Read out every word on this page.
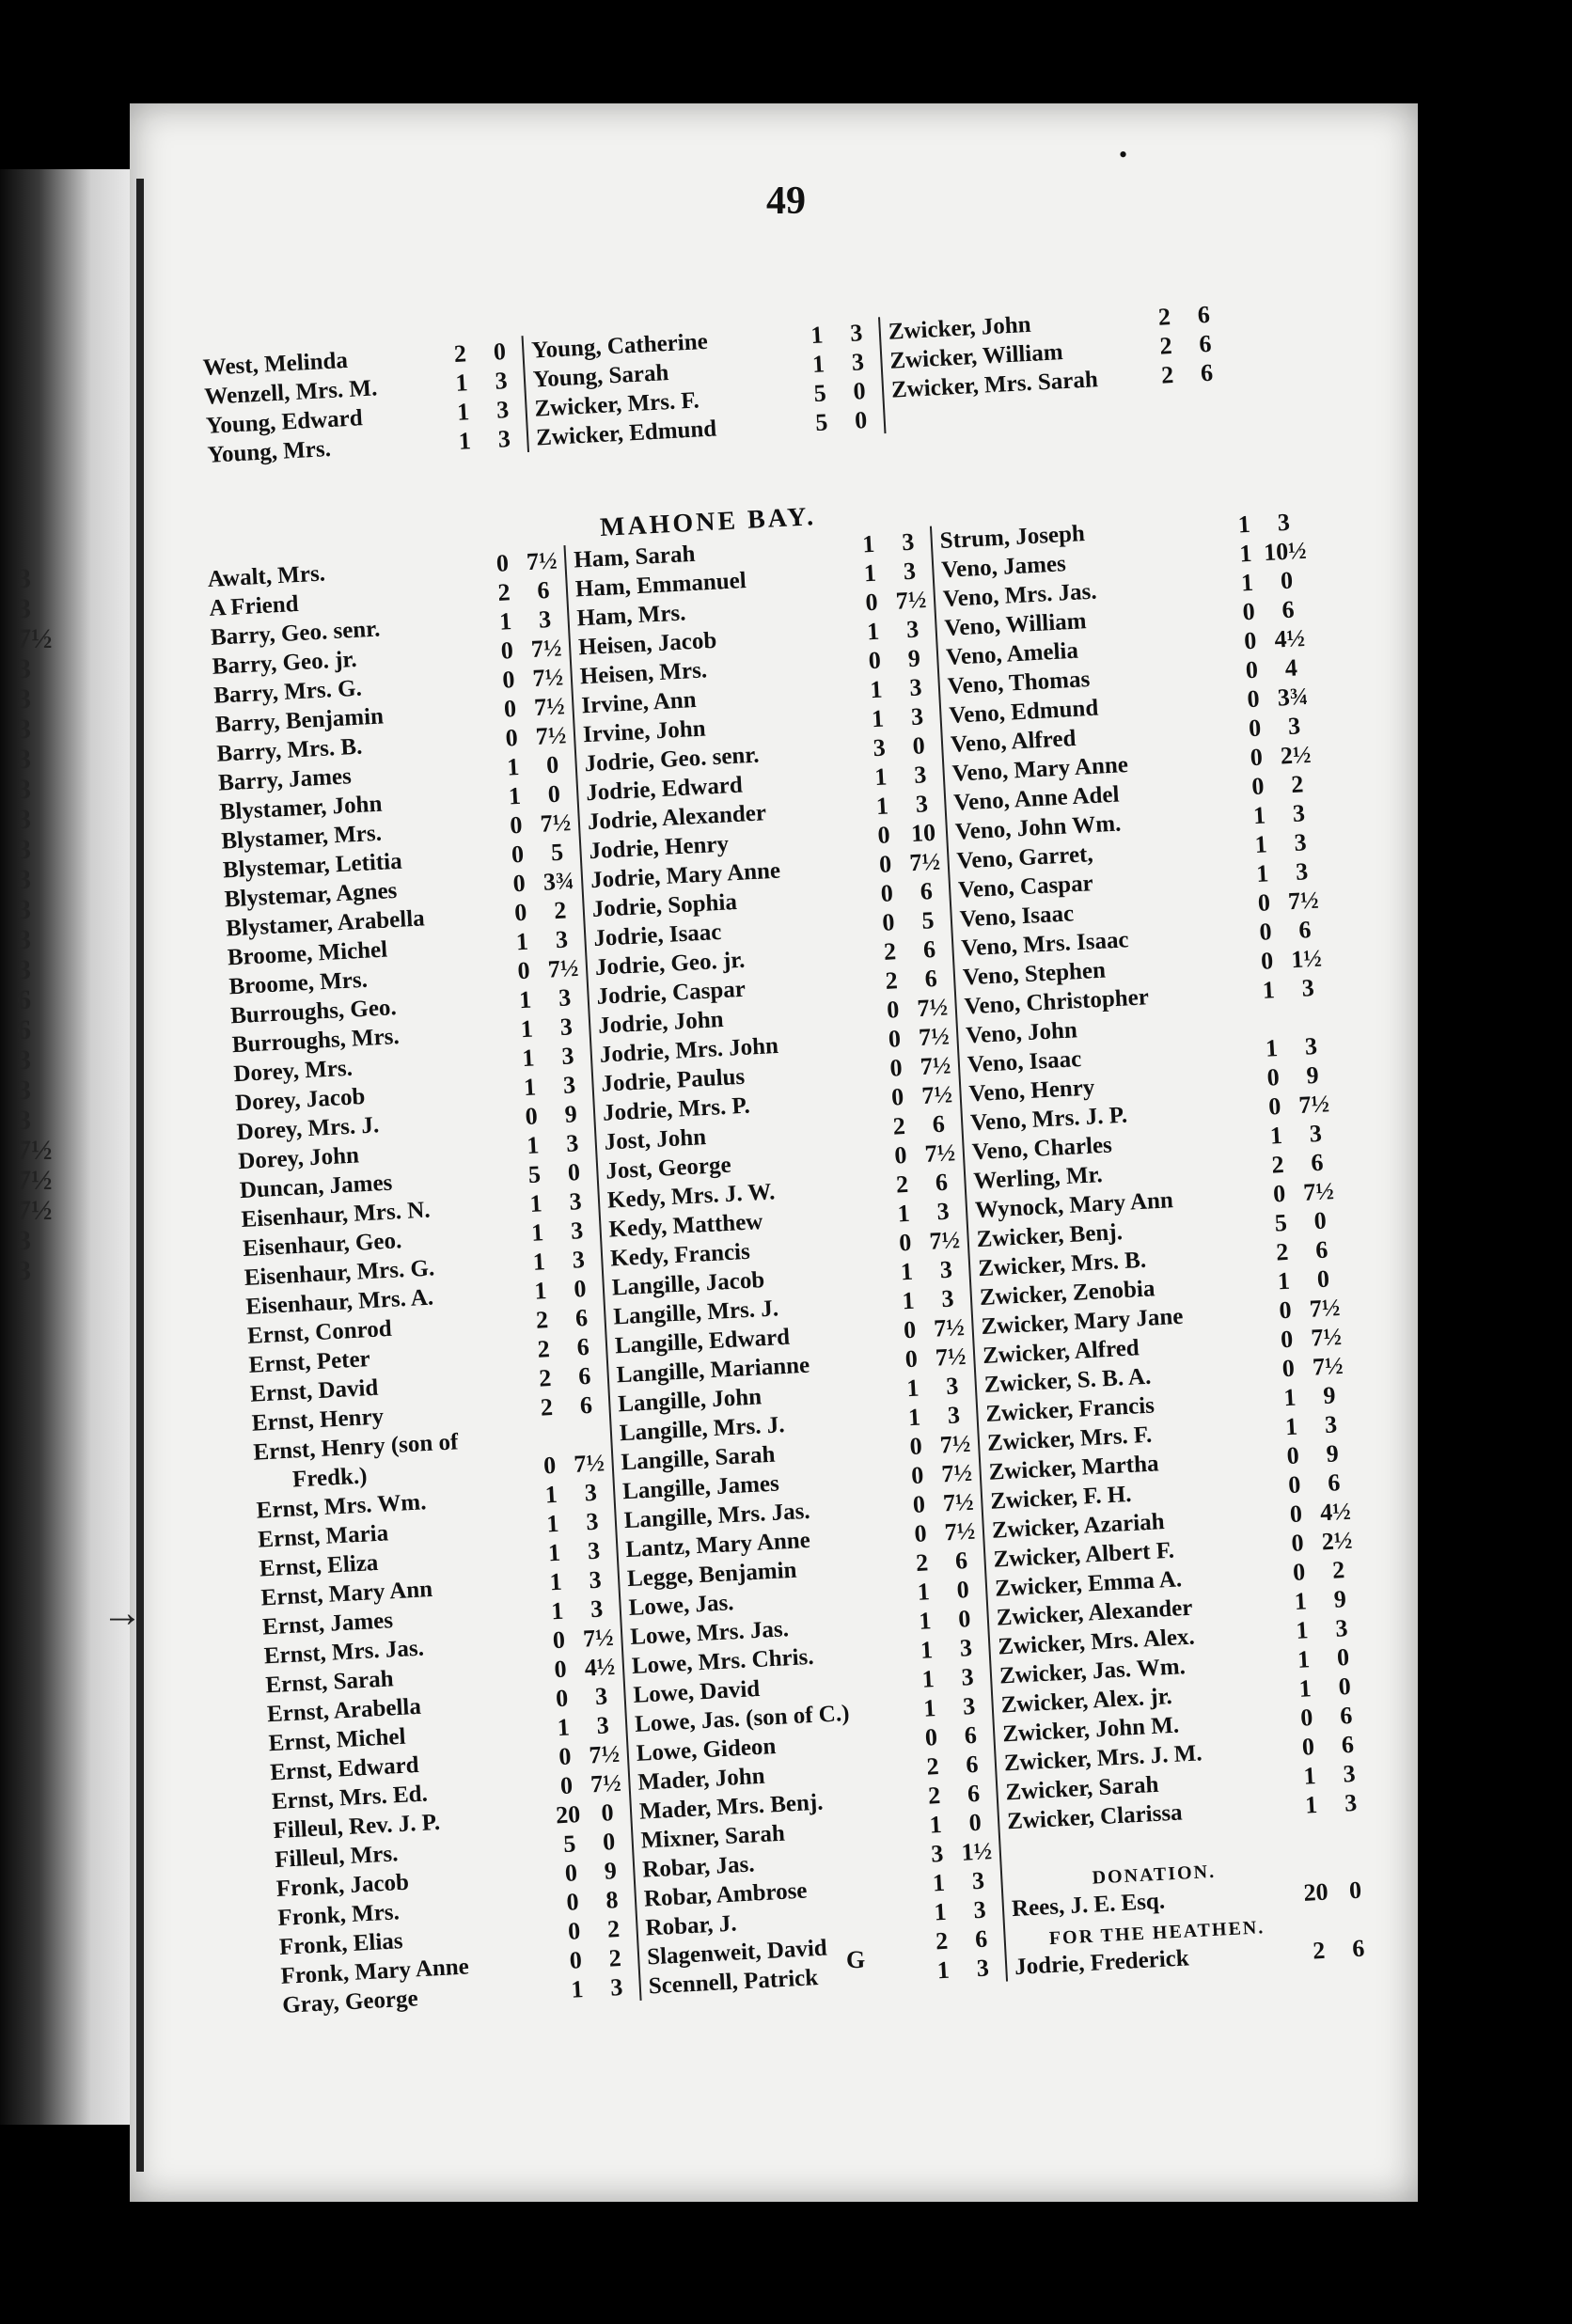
3
3
7½
3
3
3
3
3
3
3
3
3
3
3
6
6
3
3
3
7½
7½
7½
3
3
49
•
West, Melinda	2	0
Wenzell, Mrs. M.	1	3
Young, Edward	1	3
Young, Mrs.	1	3
Young, Catherine	1	3
Young, Sarah	1	3
Zwicker, Mrs. F.	5	0
Zwicker, Edmund	5	0
Zwicker, John	2	6
Zwicker, William	2	6
Zwicker, Mrs. Sarah	2	6
MAHONE BAY.
Awalt, Mrs.	0 7½
A Friend	2	6
Barry, Geo. senr.	1	3
Barry, Geo. jr.	0 7½
Barry, Mrs. G.	0 7½
Barry, Benjamin	0 7½
Barry, Mrs. B.	0 7½
Barry, James	1	0
Blystamer, John	1	0
Blystamer, Mrs.	0 7½
Blystemar, Letitia	0	5
Blystemar, Agnes	0 3¾
Blystamer, Arabella	0	2
Broome, Michel	1	3
Broome, Mrs.	0 7½
Burroughs, Geo.	1	3
Burroughs, Mrs.	1	3
Dorey, Mrs.	1	3
Dorey, Jacob	1	3
Dorey, Mrs. J.	0	9
Dorey, John	1	3
Duncan, James	5	0
Eisenhaur, Mrs. N.	1	3
Eisenhaur, Geo.	1	3
Eisenhaur, Mrs. G.	1	3
Eisenhaur, Mrs. A.	1	0
Ernst, Conrod	2	6
Ernst, Peter	2	6
Ernst, David	2	6
Ernst, Henry	2	6
Ernst, Henry (son of
Fredk.)	0 7½
Ernst, Mrs. Wm.	1	3
Ernst, Maria	1	3
Ernst, Eliza	1	3
Ernst, Mary Ann	1	3
Ernst, James	1	3
Ernst, Mrs. Jas.	0 7½
Ernst, Sarah	0 4½
Ernst, Arabella	0	3
Ernst, Michel	1	3
Ernst, Edward	0 7½
Ernst, Mrs. Ed.	0 7½
Filleul, Rev. J. P.	20 0
Filleul, Mrs.	5	0
Fronk, Jacob	0	9
Fronk, Mrs.	0	8
Fronk, Elias	0	2
Fronk, Mary Anne	0	2
Gray, George	1	3
Ham, Sarah	1	3
Ham, Emmanuel	1	3
Ham, Mrs.	0 7½
Heisen, Jacob	1	3
Heisen, Mrs.	0	9
Irvine, Ann	1	3
Irvine, John	1	3
Jodrie, Geo. senr.	3	0
Jodrie, Edward	1	3
Jodrie, Alexander	1	3
Jodrie, Henry	0 10
Jodrie, Mary Anne	0 7½
Jodrie, Sophia	0	6
Jodrie, Isaac	0	5
Jodrie, Geo. jr.	2	6
Jodrie, Caspar	2	6
Jodrie, John	0 7½
Jodrie, Mrs. John	0 7½
Jodrie, Paulus	0 7½
Jodrie, Mrs. P.	0 7½
Jost, John	2	6
Jost, George	0 7½
Kedy, Mrs. J. W.	2	6
Kedy, Matthew	1	3
Kedy, Francis	0 7½
Langille, Jacob	1	3
Langille, Mrs. J.	1	3
Langille, Edward	0 7½
Langille, Marianne	0 7½
Langille, John	1	3
Langille, Mrs. J.	1	3
Langille, Sarah	0 7½
Langille, James	0 7½
Langille, Mrs. Jas.	0 7½
Lantz, Mary Anne	0 7½
Legge, Benjamin	2	6
Lowe, Jas.	1	0
Lowe, Mrs. Jas.	1	0
Lowe, Mrs. Chris.	1	3
Lowe, David	1	3
Lowe, Jas. (son of C.)	1	3
Lowe, Gideon	0	6
Mader, John	2	6
Mader, Mrs. Benj.	2	6
Mixner, Sarah	1	0
Robar, Jas.	3 1½
Robar, Ambrose	1	3
Robar, J.	1	3
Slagenweit, David	2	6
Scennell, Patrick	1	3
Strum, Joseph	1	3
Veno, James	1 10½
Veno, Mrs. Jas.	1	0
Veno, William	0	6
Veno, Amelia	0 4½
Veno, Thomas	0	4
Veno, Edmund	0 3¾
Veno, Alfred	0	3
Veno, Mary Anne	0 2½
Veno, Anne Adel	0	2
Veno, John Wm.	1	3
Veno, Garret,	1	3
Veno, Caspar	1	3
Veno, Isaac	0 7½
Veno, Mrs. Isaac	0	6
Veno, Stephen	0 1½
Veno, Christopher	1	3
Veno, John
Veno, Isaac	1	3
Veno, Henry	0	9
Veno, Mrs. J. P.	0 7½
Veno, Charles	1	3
Werling, Mr.	2	6
Wynock, Mary Ann	0 7½
Zwicker, Benj.	5	0
Zwicker, Mrs. B.	2	6
Zwicker, Zenobia	1	0
Zwicker, Mary Jane	0 7½
Zwicker, Alfred	0 7½
Zwicker, S. B. A.	0 7½
Zwicker, Francis	1	9
Zwicker, Mrs. F.	1	3
Zwicker, Martha	0	9
Zwicker, F. H.	0	6
Zwicker, Azariah	0 4½
Zwicker, Albert F.	0 2½
Zwicker, Emma A.	0	2
Zwicker, Alexander	1	9
Zwicker, Mrs. Alex.	1	3
Zwicker, Jas. Wm.	1	0
Zwicker, Alex. jr.	1	0
Zwicker, John M.	0	6
Zwicker, Mrs. J. M.	0	6
Zwicker, Sarah	1	3
Zwicker, Clarissa	1	3
DONATION.
Rees, J. E. Esq.	20 0
FOR THE HEATHEN.
Jodrie, Frederick	2	6
→
G
